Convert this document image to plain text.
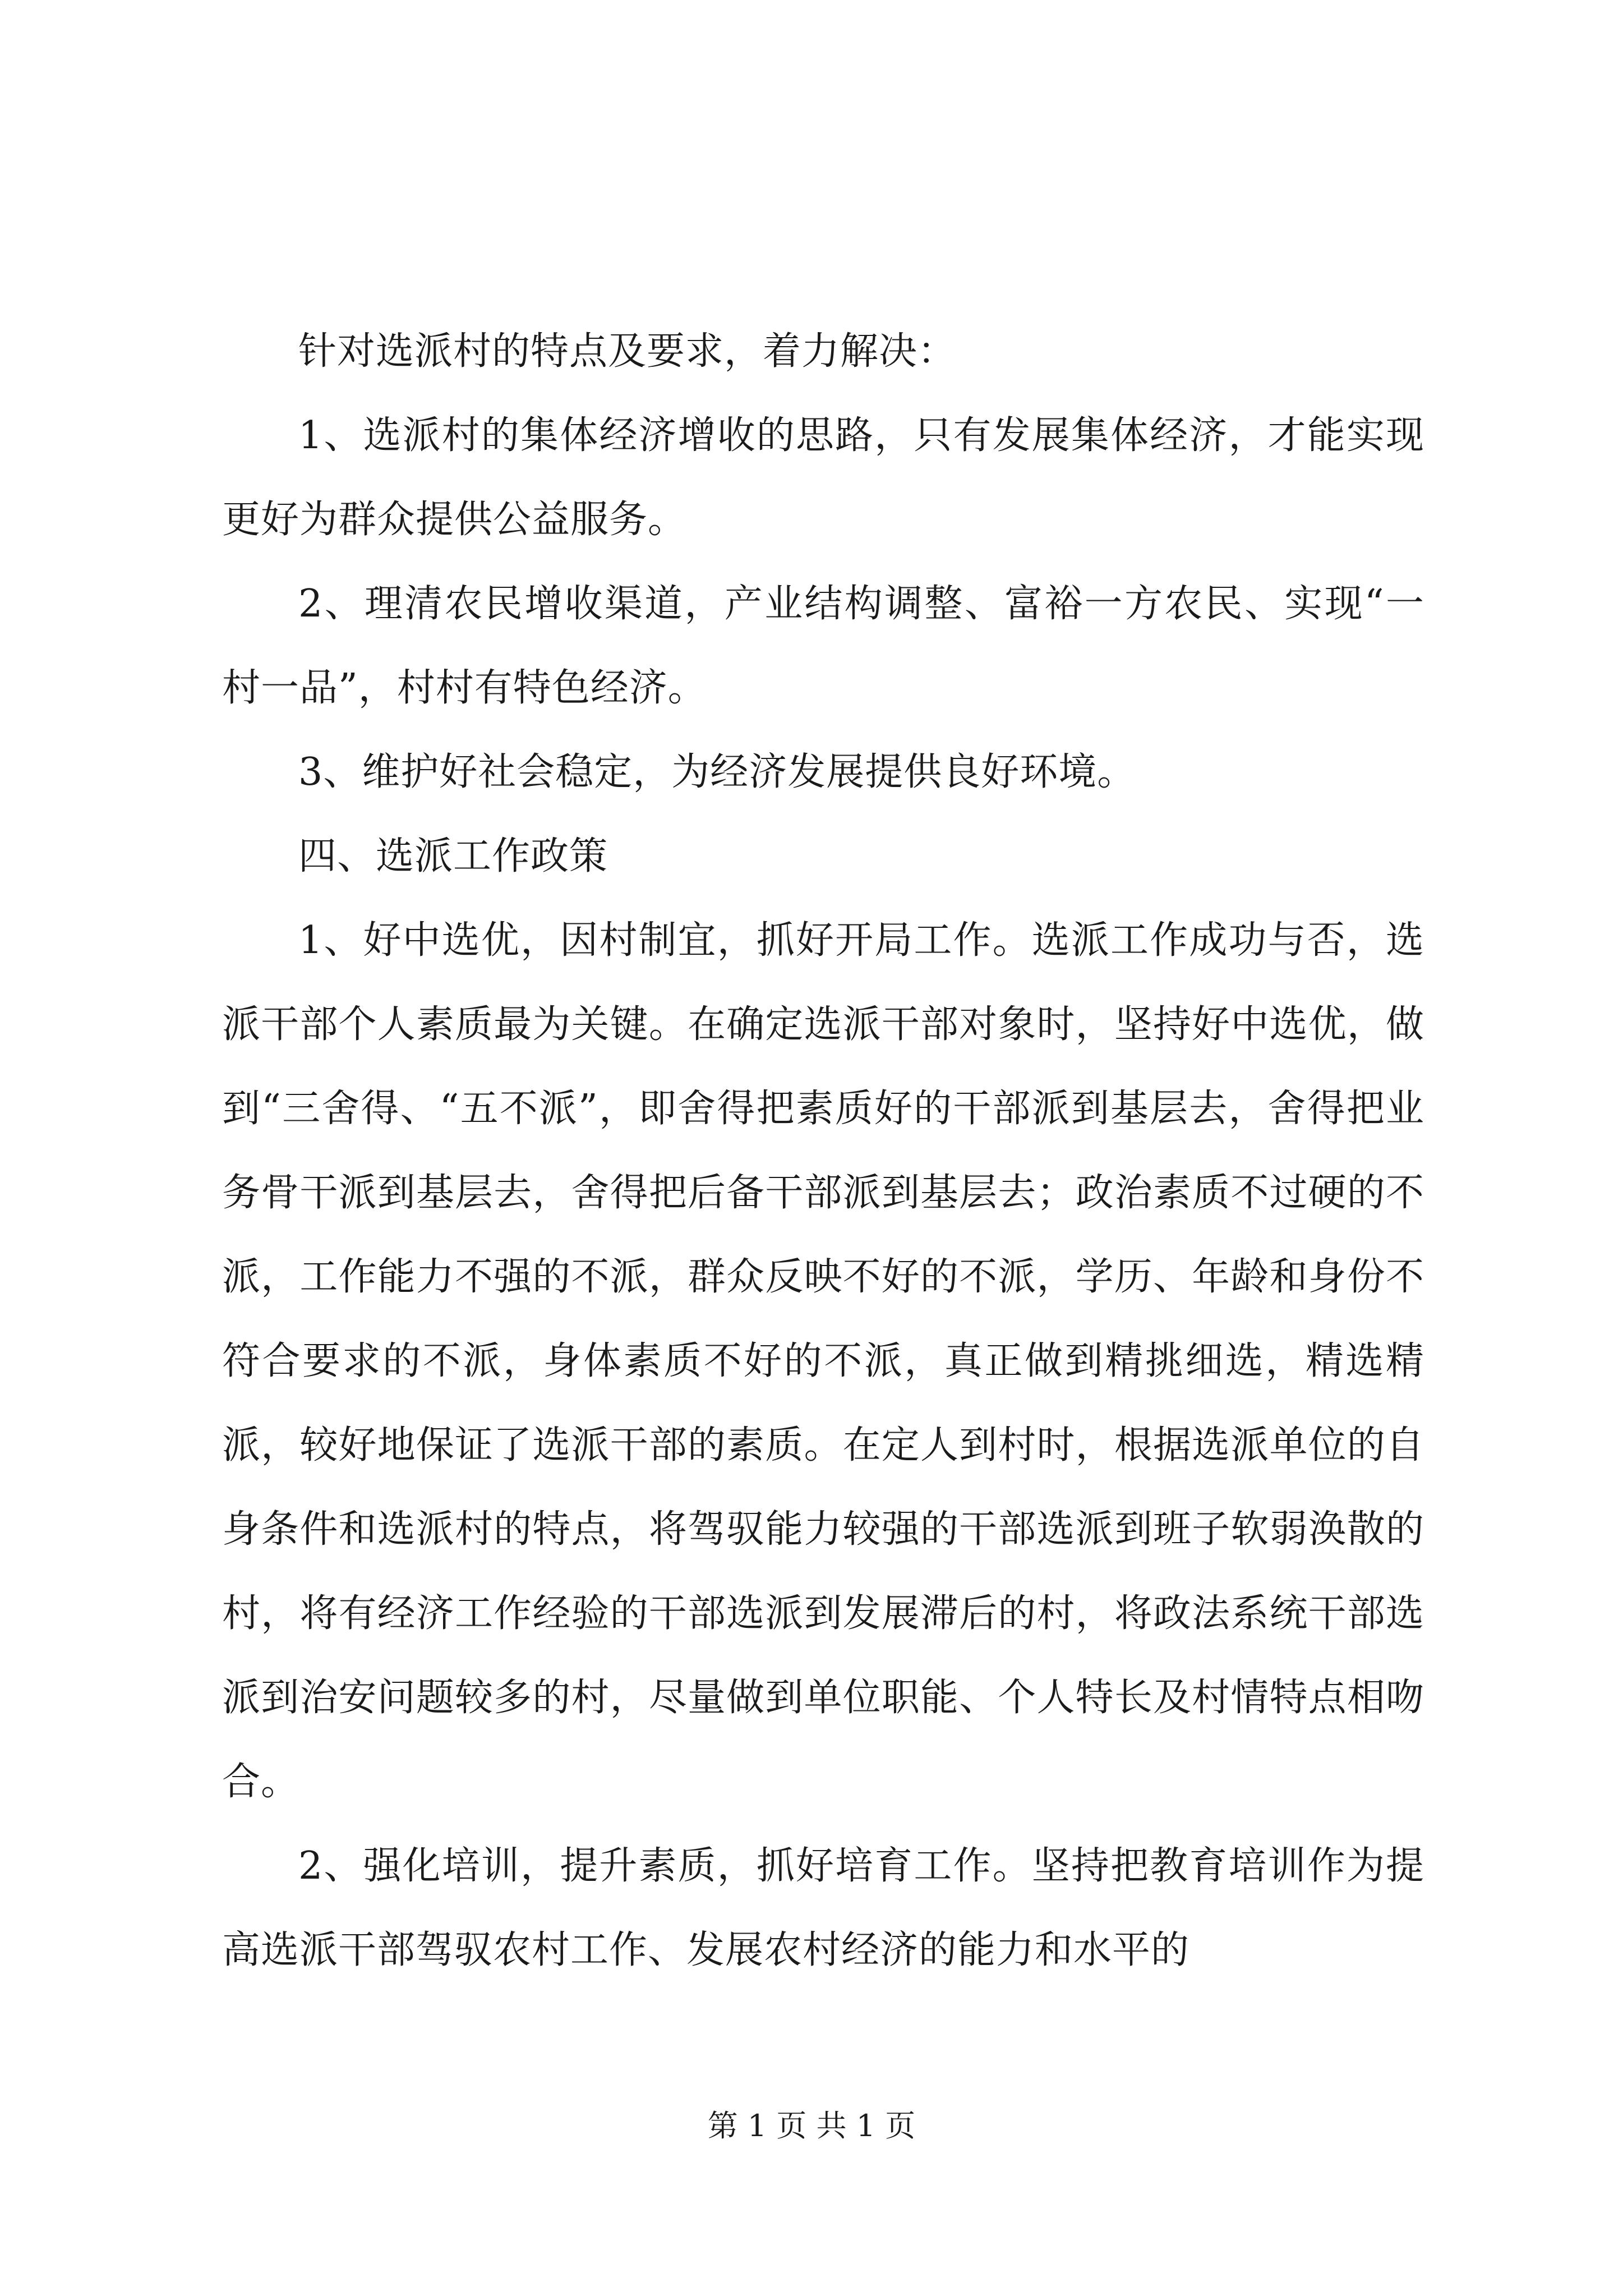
针对选派村的特点及要求，着力解决：

1、选派村的集体经济增收的思路，只有发展集体经济，才能实现更好为群众提供公益服务。

2、理清农民增收渠道，产业结构调整、富裕一方农民、实现“一村一品”，村村有特色经济。

3、维护好社会稳定，为经济发展提供良好环境。

四、选派工作政策

1、好中选优，因村制宜，抓好开局工作。选派工作成功与否，选派干部个人素质最为关键。在确定选派干部对象时，坚持好中选优，做到“三舍得、“五不派”，即舍得把素质好的干部派到基层去，舍得把业务骨干派到基层去，舍得把后备干部派到基层去；政治素质不过硬的不派，工作能力不强的不派，群众反映不好的不派，学历、年龄和身份不符合要求的不派，身体素质不好的不派，真正做到精挑细选，精选精派，较好地保证了选派干部的素质。在定人到村时，根据选派单位的自身条件和选派村的特点，将驾驭能力较强的干部选派到班子软弱涣散的村，将有经济工作经验的干部选派到发展滞后的村，将政法系统干部选派到治安问题较多的村，尽量做到单位职能、个人特长及村情特点相吻合。

2、强化培训，提升素质，抓好培育工作。坚持把教育培训作为提高选派干部驾驭农村工作、发展农村经济的能力和水平的

第 1 页 共 1 页
